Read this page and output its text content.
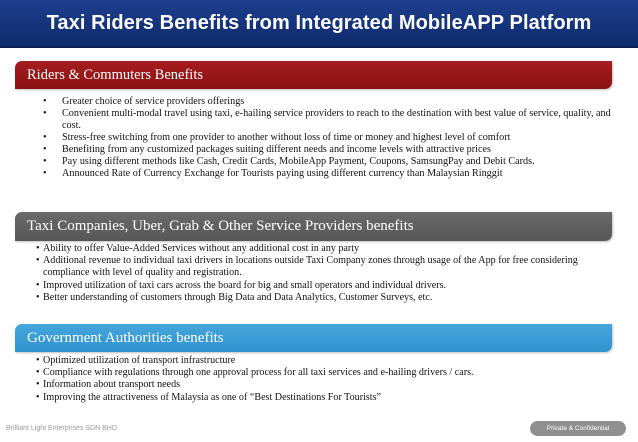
Taxi Riders Benefits from Integrated MobileAPP Platform
Riders & Commuters Benefits
• Greater choice of service providers offerings
• Convenient multi-modal travel using taxi, e-hailing service providers to reach to the destination with best value of service, quality, and cost.
• Stress-free switching from one provider to another without loss of time or money and highest level of comfort
• Benefiting from any customized packages suiting different needs and income levels with attractive prices
• Pay using different methods like Cash, Credit Cards, MobileApp Payment, Coupons, SamsungPay and Debit Cards.
• Announced Rate of Currency Exchange for Tourists paying using different currency than Malaysian Ringgit
Taxi Companies, Uber, Grab & Other Service Providers benefits
• Ability to offer Value-Added Services without any additional cost in any party
• Additional revenue to individual taxi drivers in locations outside Taxi Company zones through usage of the App for free considering compliance with level of quality and registration.
• Improved utilization of taxi cars across the board for big and small operators and individual drivers.
• Better understanding of customers through Big Data and Data Analytics, Customer Surveys, etc.
Government Authorities benefits
• Optimized utilization of transport infrastructure
• Compliance with regulations through one approval process for all taxi services and e-hailing drivers / cars.
• Information about transport needs
• Improving the attractiveness of Malaysia as one of “Best Destinations For Tourists”
Brilliant Light Enterprises SDN BHD	Private & Confidential
